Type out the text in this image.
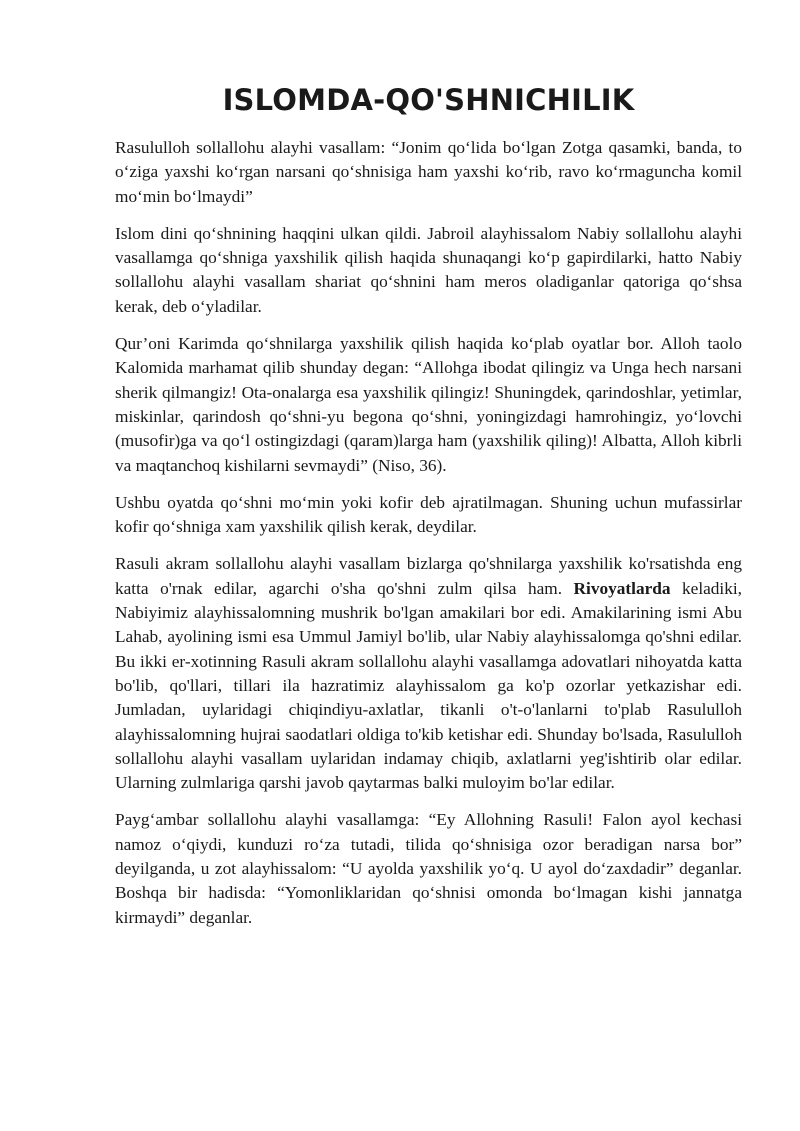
ISLOMDA-QO'SHNICHILIK

Rasululloh sollallohu alayhi vasallam: “Jonim qo‘lida bo‘lgan Zotga qasamki, banda, to o‘ziga yaxshi ko‘rgan narsani qo‘shnisiga ham yaxshi ko‘rib, ravo ko‘rmaguncha komil mo‘min bo‘lmaydi”

Islom dini qo‘shnining haqqini ulkan qildi. Jabroil alayhissalom Nabiy sollallohu alayhi vasallamga qo‘shniga yaxshilik qilish haqida shunaqangi ko‘p gapirdilarki, hatto Nabiy sollallohu alayhi vasallam shariat qo‘shnini ham meros oladiganlar qatoriga qo‘shsa kerak, deb o‘yladilar.

Qur’oni Karimda qo‘shnilarga yaxshilik qilish haqida ko‘plab oyatlar bor. Alloh taolo Kalomida marhamat qilib shunday degan: “Allohga ibodat qilingiz va Unga hech narsani sherik qilmangiz! Ota-onalarga esa yaxshilik qilingiz! Shuningdek, qarindoshlar, yetimlar, miskinlar, qarindosh qo‘shni-yu begona qo‘shni, yoningizdagi hamrohingiz, yo‘lovchi (musofir)ga va qo‘l ostingizdagi (qaram)larga ham (yaxshilik qiling)! Albatta, Alloh kibrli va maqtanchoq kishilarni sevmaydi” (Niso, 36).

Ushbu oyatda qo‘shni mo‘min yoki kofir deb ajratilmagan. Shuning uchun mufassirlar kofir qo‘shniga xam yaxshilik qilish kerak, deydilar.

Rasuli akram sollallohu alayhi vasallam bizlarga qo'shnilarga yaxshilik ko'rsatishda eng katta o'rnak edilar, agarchi o'sha qo'shni zulm qilsa ham. Rivoyatlarda keladiki, Nabiyimiz alayhissalomning mushrik bo'lgan amakilari bor edi. Amakilarining ismi Abu Lahab, ayolining ismi esa Ummul Jamiyl bo'lib, ular Nabiy alayhissalomga qo'shni edilar. Bu ikki er-xotinning Rasuli akram sollallohu alayhi vasallamga adovatlari nihoyatda katta bo'lib, qo'llari, tillari ila hazratimiz alayhissalom ga ko'p ozorlar yetkazishar edi. Jumladan, uylaridagi chiqindiyu-axlatlar, tikanli o't-o'lanlarni to'plab Rasululloh alayhissalomning hujrai saodatlari oldiga to'kib ketishar edi. Shunday bo'lsada, Rasululloh sollallohu alayhi vasallam uylaridan indamay chiqib, axlatlarni yeg'ishtirib olar edilar. Ularning zulmlariga qarshi javob qaytarmas balki muloyim bo'lar edilar.

Payg‘ambar sollallohu alayhi vasallamga: “Ey Allohning Rasuli! Falon ayol kechasi namoz o‘qiydi, kunduzi ro‘za tutadi, tilida qo‘shnisiga ozor beradigan narsa bor” deyilganda, u zot alayhissalom: “U ayolda yaxshilik yo‘q. U ayol do‘zaxdadir” deganlar. Boshqa bir hadisda: “Yomonliklaridan qo‘shnisi omonda bo‘lmagan kishi jannatga kirmaydi” deganlar.
